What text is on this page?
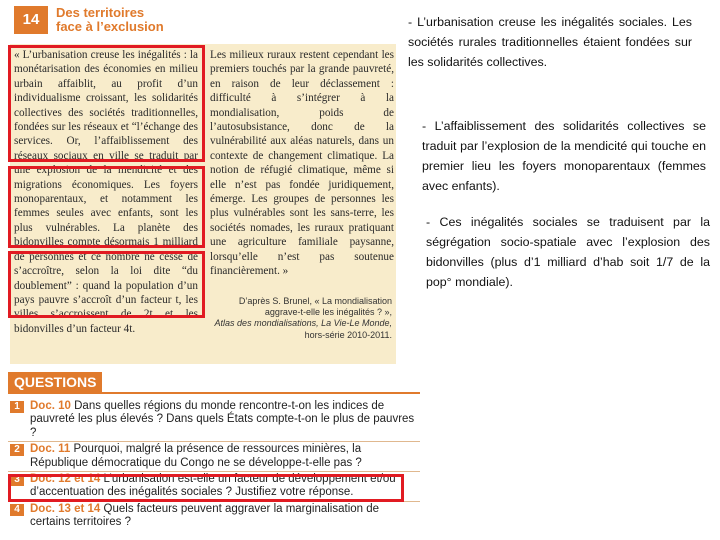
14	Des territoires
face à l’exclusion
« L’urbanisation creuse les inégalités : la monétarisation des économies en milieu urbain affaiblit, au profit d’un individualisme croissant, les solidarités collectives des sociétés traditionnelles, fondées sur les réseaux et “l’échange des services. Or, l’affaiblissement des réseaux sociaux en ville se traduit par une explosion de la mendicité et des migrations économiques. Les foyers monoparentaux, et notamment les femmes seules avec enfants, sont les plus vulnérables. La planète des bidonvilles compte désormais 1 milliard de personnes et ce nombre ne cesse de s’accroître, selon la loi dite “du doublement” : quand la population d’un pays pauvre s’accroît d’un facteur t, les villes s’accroissent de 2t et les bidonvilles d’un facteur 4t.
Les milieux ruraux restent cependant les premiers touchés par la grande pauvreté, en raison de leur déclassement : difficulté à s’intégrer à la mondialisation, poids de l’autosubsistance, donc de la vulnérabilité aux aléas naturels, dans un contexte de changement climatique. La notion de réfugié climatique, même si elle n’est pas fondée juridiquement, émerge. Les groupes de personnes les plus vulnérables sont les sans-terre, les sociétés nomades, les ruraux pratiquant une agriculture familiale paysanne, lorsqu’elle n’est pas soutenue financièrement. »
D’après S. Brunel, « La mondialisation
aggrave-t-elle les inégalités ? »,
Atlas des mondialisations, La Vie-Le Monde,
hors-série 2010-2011.
QUESTIONS
1 Doc. 10 Dans quelles régions du monde rencontre-t-on les indices de pauvreté les plus élevés ? Dans quels États compte-t-on le plus de pauvres ?
2 Doc. 11 Pourquoi, malgré la présence de ressources minières, la République démocratique du Congo ne se développe-t-elle pas ?
3 Doc. 12 et 14 L’urbanisation est-elle un facteur de développement et/ou d’accentuation des inégalités sociales ? Justifiez votre réponse.
4 Doc. 13 et 14 Quels facteurs peuvent aggraver la marginalisation de certains territoires ?
- L’urbanisation creuse les inégalités sociales. Les sociétés rurales traditionnelles étaient fondées sur les solidarités collectives.
- L’affaiblissement des solidarités collectives se traduit par l’explosion de la mendicité qui touche en premier lieu les foyers monoparentaux (femmes avec enfants).
- Ces inégalités sociales se traduisent par la ségrégation socio-spatiale avec l’explosion des bidonvilles (plus d’1 milliard d’hab soit 1/7 de la pop° mondiale).
